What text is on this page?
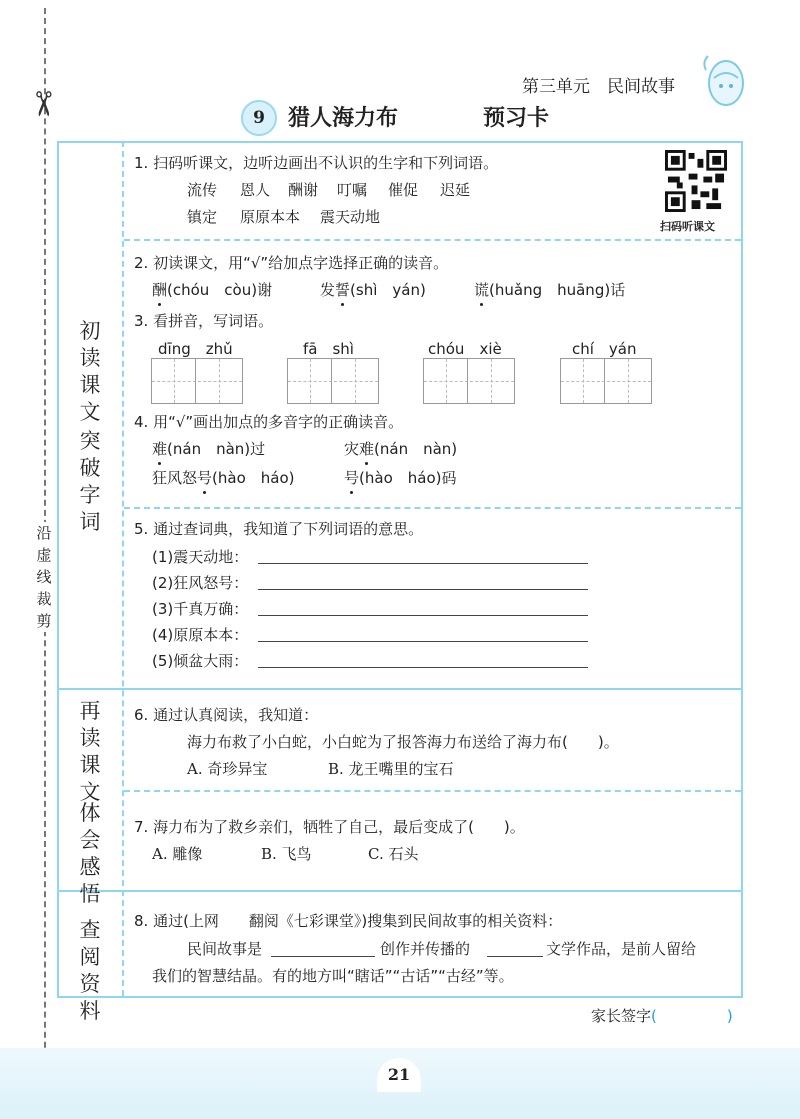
✂
沿虚线裁剪
第三单元　民间故事
9	猎人海力布	预习卡
初读课文
突破字词
再读课文
体会感悟
查阅资料
扫码听课文
1. 扫码听课文，边听边画出不认识的生字和下列词语。
流传 恩人 酬谢 叮嘱 催促 迟延
镇定 原原本本 震天动地
2. 初读课文，用“√”给加点字选择正确的读音。
酬(chóu　còu)谢	发誓(shì　yán)	谎(huǎng　huāng)话
3. 看拼音，写词语。
dīng　zhǔ	fā　shì	chóu　xiè	chí　yán
4. 用“√”画出加点的多音字的正确读音。
难(nán　nàn)过	灾难(nán　nàn)
狂风怒号(hào　háo)	号(hào　háo)码
5. 通过查词典，我知道了下列词语的意思。
(1)震天动地：
(2)狂风怒号：
(3)千真万确：
(4)原原本本：
(5)倾盆大雨：
6. 通过认真阅读，我知道：
海力布救了小白蛇，小白蛇为了报答海力布送给了海力布(　　)。
A. 奇珍异宝	B. 龙王嘴里的宝石
7. 海力布为了救乡亲们，牺牲了自己，最后变成了(　　)。
A. 雕像	B. 飞鸟	C. 石头
8. 通过(上网　　翻阅《七彩课堂》)搜集到民间故事的相关资料：
民间故事是	创作并传播的	文学作品，是前人留给
我们的智慧结晶。有的地方叫“瞎话”“古话”“古经”等。
家长签字(	)
21
